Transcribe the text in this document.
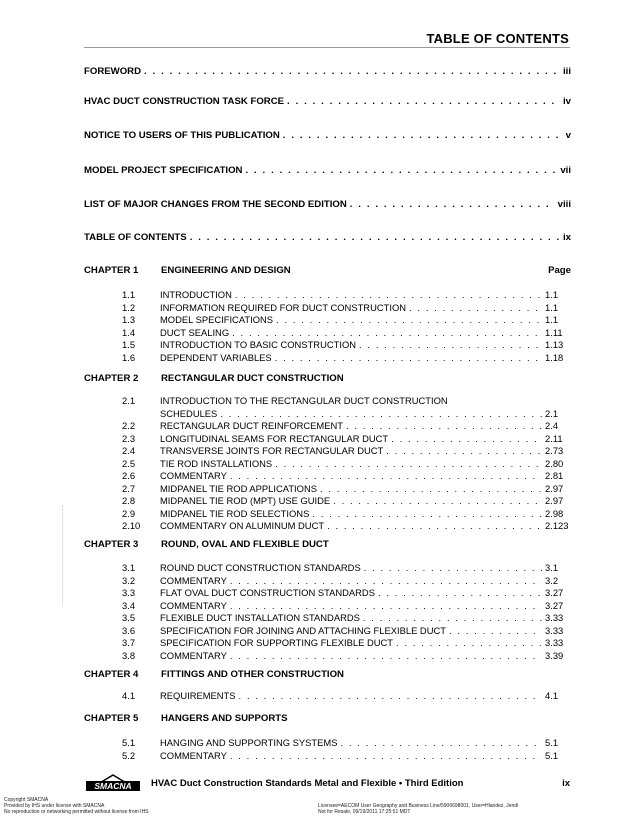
TABLE OF CONTENTS
FOREWORD . . .	iii
HVAC DUCT CONSTRUCTION TASK FORCE . . .	iv
NOTICE TO USERS OF THIS PUBLICATION . . .	v
MODEL PROJECT SPECIFICATION . . .	vii
LIST OF MAJOR CHANGES FROM THE SECOND EDITION . . .	viii
TABLE OF CONTENTS . . .	ix
CHAPTER 1 ENGINEERING AND DESIGN	Page
1.1	INTRODUCTION . . .	1.1
1.2	INFORMATION REQUIRED FOR DUCT CONSTRUCTION . . .	1.1
1.3	MODEL SPECIFICATIONS . . .	1.1
1.4	DUCT SEALING . . .	1.11
1.5	INTRODUCTION TO BASIC CONSTRUCTION . . .	1.13
1.6	DEPENDENT VARIABLES . . .	1.18
CHAPTER 2 RECTANGULAR DUCT CONSTRUCTION
2.1	INTRODUCTION TO THE RECTANGULAR DUCT CONSTRUCTION
SCHEDULES . . .	2.1
2.2	RECTANGULAR DUCT REINFORCEMENT . . .	2.4
2.3	LONGITUDINAL SEAMS FOR RECTANGULAR DUCT . . .	2.11
2.4	TRANSVERSE JOINTS FOR RECTANGULAR DUCT . . .	2.73
2.5	TIE ROD INSTALLATIONS . . .	2.80
2.6	COMMENTARY . . .	2.81
2.7	MIDPANEL TIE ROD APPLICATIONS . . .	2.97
2.8	MIDPANEL TIE ROD (MPT) USE GUIDE . . .	2.97
2.9	MIDPANEL TIE ROD SELECTIONS . . .	2.98
2.10	COMMENTARY ON ALUMINUM DUCT . . .	2.123
CHAPTER 3 ROUND, OVAL AND FLEXIBLE DUCT
3.1	ROUND DUCT CONSTRUCTION STANDARDS . . .	3.1
3.2	COMMENTARY . . .	3.2
3.3	FLAT OVAL DUCT CONSTRUCTION STANDARDS . . .	3.27
3.4	COMMENTARY . . .	3.27
3.5	FLEXIBLE DUCT INSTALLATION STANDARDS . . .	3.33
3.6	SPECIFICATION FOR JOINING AND ATTACHING FLEXIBLE DUCT . . .	3.33
3.7	SPECIFICATION FOR SUPPORTING FLEXIBLE DUCT . . .	3.33
3.8	COMMENTARY . . .	3.39
CHAPTER 4 FITTINGS AND OTHER CONSTRUCTION
4.1	REQUIREMENTS . . .	4.1
CHAPTER 5 HANGERS AND SUPPORTS
5.1	HANGING AND SUPPORTING SYSTEMS . . .	5.1
5.2	COMMENTARY . . .	5.1
SMACNA HVAC Duct Construction Standards Metal and Flexible • Third Edition	ix
Copyright SMACNA
Provided by IHS under license with SMACNA
No reproduction or networking permitted without license from IHS
Licensee=AECOM User Geography and Business Line/5906698001, User=Hlandez, Jendi
Not for Resale, 09/19/2011 17:25:51 MDT
